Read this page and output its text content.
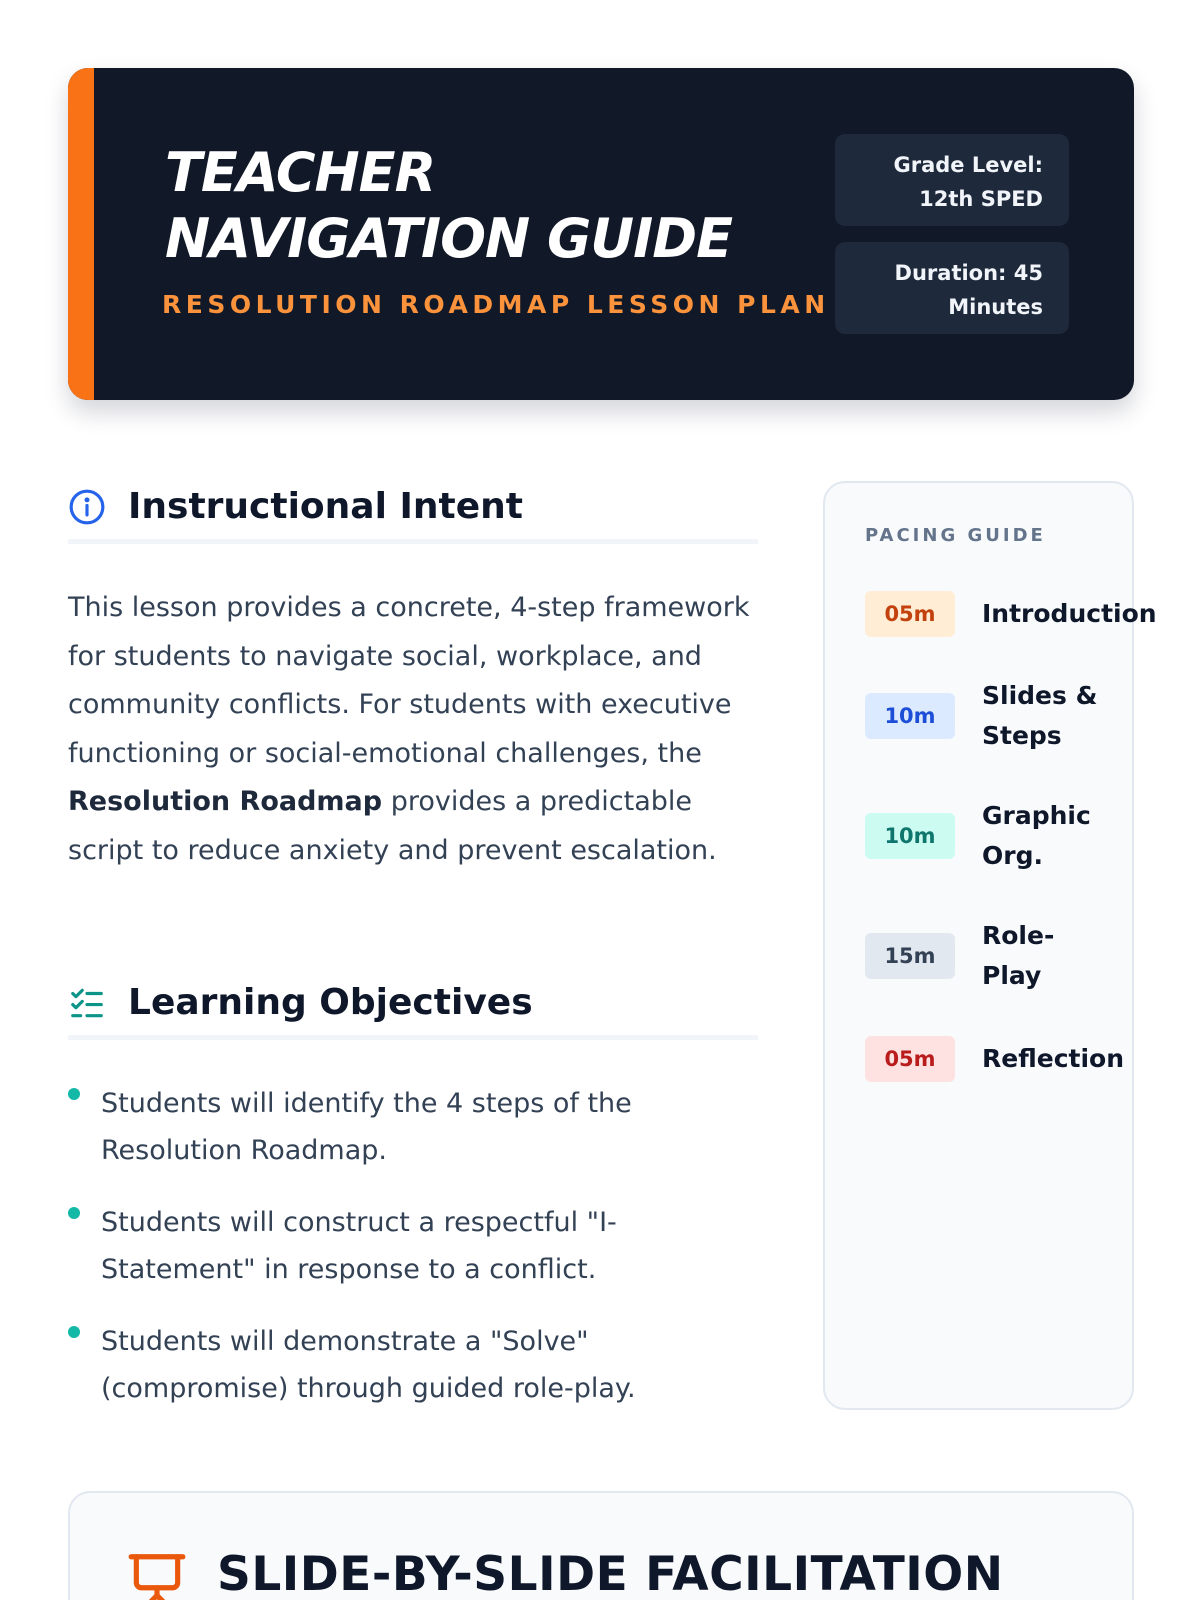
TEACHER
NAVIGATION GUIDE
RESOLUTION ROADMAP LESSON PLAN
Grade Level:
12th SPED
Duration: 45
Minutes
Instructional Intent

This lesson provides a concrete, 4-step framework for students to navigate social, workplace, and community conflicts. For students with executive functioning or social-emotional challenges, the Resolution Roadmap provides a predictable script to reduce anxiety and prevent escalation.

Learning Objectives
Students will identify the 4 steps of the Resolution Roadmap.
Students will construct a respectful "I-Statement" in response to a conflict.
Students will demonstrate a "Solve" (compromise) through guided role-play.
PACING GUIDE
05m	Introduction
10m
Slides &
Steps
10m
Graphic
Org.
15m
Role-
Play
05m	Reflection
SLIDE-BY-SLIDE FACILITATION
